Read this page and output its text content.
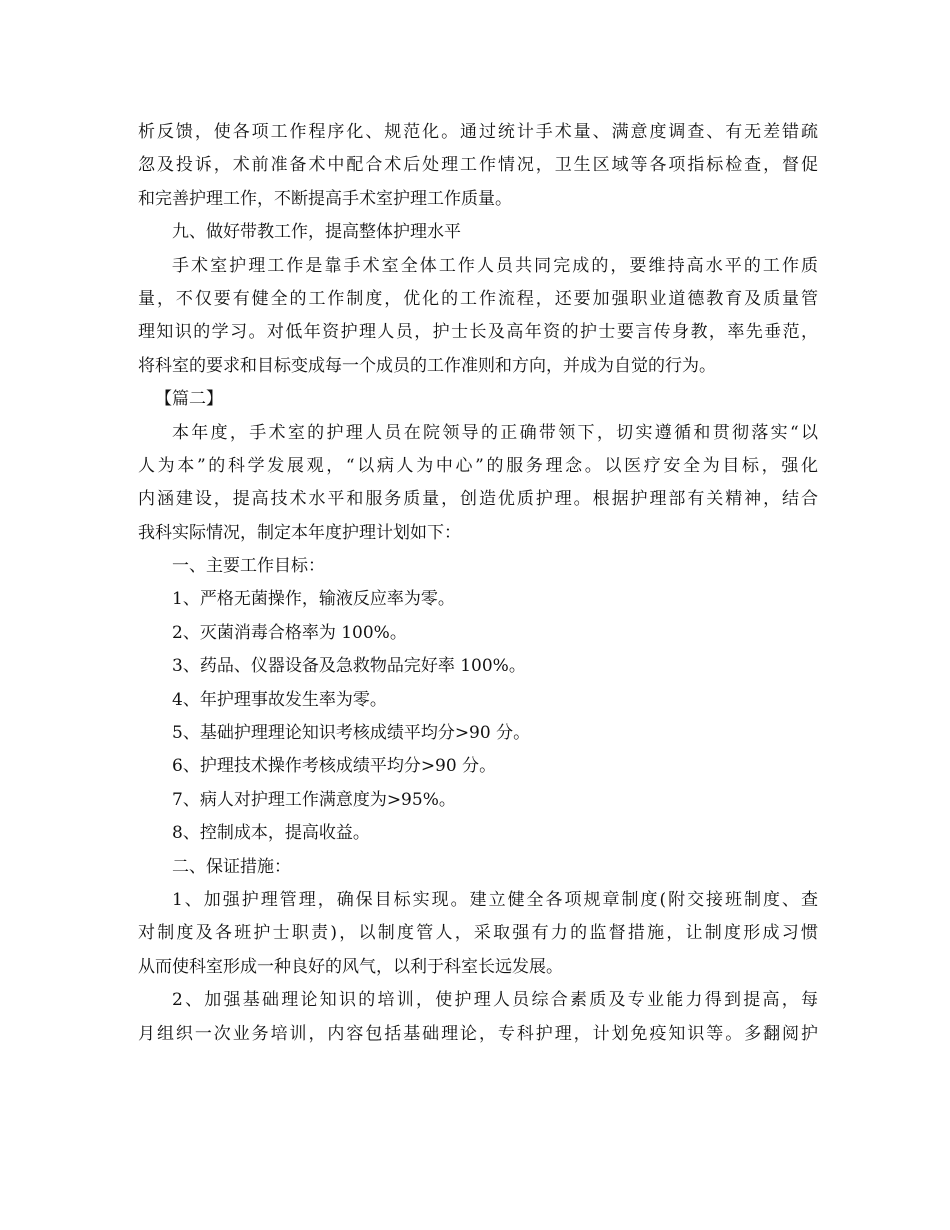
析反馈，使各项工作程序化、规范化。通过统计手术量、满意度调查、有无差错疏
忽及投诉，术前准备术中配合术后处理工作情况，卫生区域等各项指标检查，督促
和完善护理工作，不断提高手术室护理工作质量。
九、做好带教工作，提高整体护理水平
手术室护理工作是靠手术室全体工作人员共同完成的，要维持高水平的工作质
量，不仅要有健全的工作制度，优化的工作流程，还要加强职业道德教育及质量管
理知识的学习。对低年资护理人员，护士长及高年资的护士要言传身教，率先垂范，
将科室的要求和目标变成每一个成员的工作准则和方向，并成为自觉的行为。
【篇二】
本年度，手术室的护理人员在院领导的正确带领下，切实遵循和贯彻落实“以
人为本”的科学发展观，“以病人为中心”的服务理念。以医疗安全为目标，强化
内涵建设，提高技术水平和服务质量，创造优质护理。根据护理部有关精神，结合
我科实际情况，制定本年度护理计划如下：
一、主要工作目标：
1、严格无菌操作，输液反应率为零。
2、灭菌消毒合格率为 100%。
3、药品、仪器设备及急救物品完好率 100%。
4、年护理事故发生率为零。
5、基础护理理论知识考核成绩平均分>90 分。
6、护理技术操作考核成绩平均分>90 分。
7、病人对护理工作满意度为>95%。
8、控制成本，提高收益。
二、保证措施：
1、加强护理管理，确保目标实现。建立健全各项规章制度(附交接班制度、查
对制度及各班护士职责)，以制度管人，采取强有力的监督措施，让制度形成习惯
从而使科室形成一种良好的风气，以利于科室长远发展。
2、加强基础理论知识的培训，使护理人员综合素质及专业能力得到提高，每
月组织一次业务培训，内容包括基础理论，专科护理，计划免疫知识等。多翻阅护
